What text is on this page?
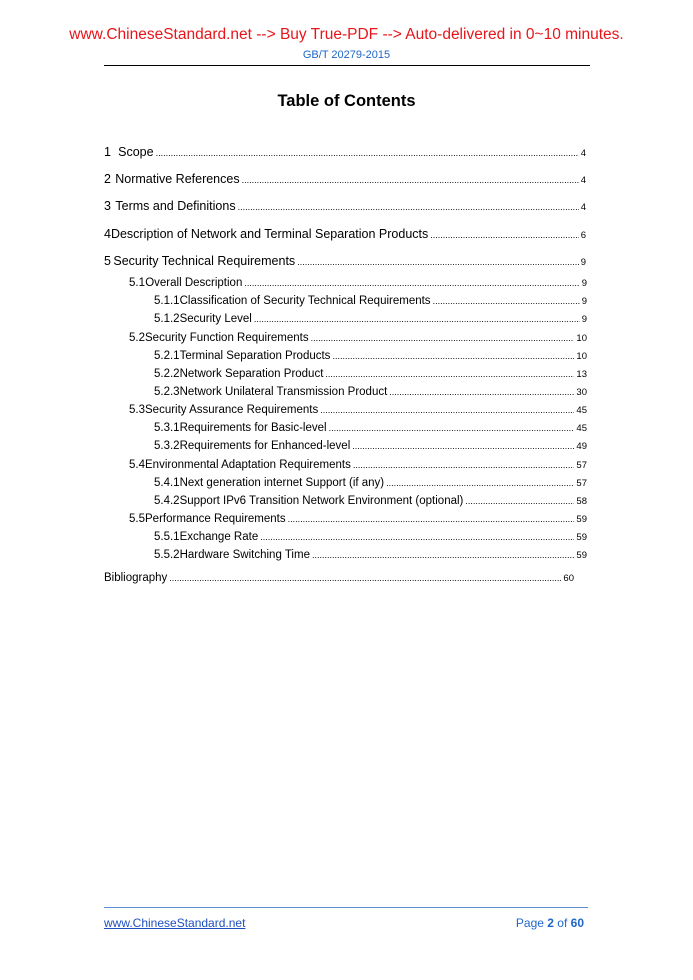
www.ChineseStandard.net --> Buy True-PDF --> Auto-delivered in 0~10 minutes.
GB/T 20279-2015
Table of Contents
1 Scope .....	4
2 Normative References .....	4
3 Terms and Definitions .....	4
4 Description of Network and Terminal Separation Products .....	6
5 Security Technical Requirements .....	9
5.1 Overall Description .....	9
5.1.1 Classification of Security Technical Requirements .....	9
5.1.2 Security Level .....	9
5.2 Security Function Requirements .....	10
5.2.1 Terminal Separation Products .....	10
5.2.2 Network Separation Product .....	13
5.2.3 Network Unilateral Transmission Product .....	30
5.3 Security Assurance Requirements .....	45
5.3.1 Requirements for Basic-level .....	45
5.3.2 Requirements for Enhanced-level .....	49
5.4 Environmental Adaptation Requirements .....	57
5.4.1 Next generation internet Support (if any) .....	57
5.4.2 Support IPv6 Transition Network Environment (optional) .....	58
5.5 Performance Requirements .....	59
5.5.1 Exchange Rate .....	59
5.5.2 Hardware Switching Time .....	59
Bibliography .....	60
www.ChineseStandard.net	Page 2 of 60
